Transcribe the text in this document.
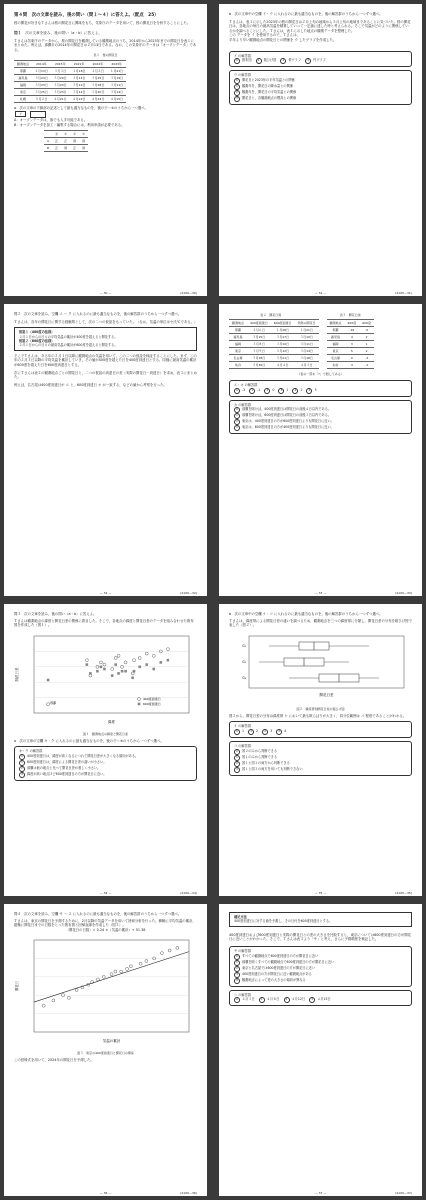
第４問　次の文章を読み，後の問い（問１～４）に答えよ。（配点　25）
桜の開花が好きなＴさんは桜の開花日に興味をもち，気象庁のデータを用いて，桜の開花日を分析することにした。
問１ 次の文章を読み，後の問い（a・b）に答えよ。
Ｔさんは気象庁のデータから，桜の開花日を観測している観測地点のうち，2014年から2023年までの開花日を表１にまとめた。例えば，那覇市の2014年の開花日は２月13日である。なお，この気象庁のデータは「オープンデータ」である。
表１　桜の開花日
観測地点	2014年	2015年	2021年	2022年	2023年
那覇	２月13日	３月３日	１月18日	２月２日	１月21日
鹿児島	３月24日	３月20日	３月14日	３月25日	３月19日
福岡	３月23日	３月23日	３月12日	３月18日	３月11日
東京	３月25日	３月23日	３月14日	３月20日	３月14日
札幌	５月２日	４月21日	４月22日	４月24日	４月15日
a　次の文章の下線部の記述として最も適当なものを，後の⓪～③のうちから一つ選べ。
ア
A：オープンデータは，誰でも入手可能である。
B：オープンデータを加工・編集する場合には，利用申請が必要である。
	⓪	①	②	③
A	正	正	誤	誤
B	正	誤	正	誤
— 30 —	(2100—30)
b　次の文章中の空欄 イ・ウ に入れるのに最も適当なものを，後の解答群のうちから一つずつ選べ。
Ｔさんは，表１に示した2023年の桜の開花日は２月上旬の地域から５月上旬の地域まであることに気づいた。桜の開花日は，各地点の毎日の最高気温を積算していって一定値に達した時と考えられる。そこで気温がどのように関係しているかを調べることにした。Ｔさんは，表１に示した地点の観測データを整理した。
この データを イ を使用するので，Ｔさんは，
平年より早い観測地点の開花日との関係を ウ したグラフを作成した。
イ の解答群
0 散布図	1 箱ひげ図	2 帯グラフ	3 円グラフ
ウ の解答群
0 開花日と2023年の平年気温との関係
1 観測年を，開花日の降水量との関係
2 観測年を，開花日の平均気温との関係
3 開花日と，各観測地点の標高との関係
— 31 —	(2100—31)
問２　次の文章を読み，空欄 エ ～ ク に入れるのに最も適当なものを，後の解答群のうちから一つずつ選べ。
Ｔさんは，各年の開花日に関する経験則として，次の二つの仮説をもっていた。（なお，気温の単位はセ氏℃である。）
仮説１（400度の法則）
２月１日からの日々の平均気温の累計が400度を超えると開花する。
仮説２（600度の法則）
２月１日からの日々の最高気温の累計が600度を超えると開花する。
そこでＴさんは，ある年の２月１日以降に観測地点の気温を用いて，この二つの仮説を検証することにした。まず，この年の２月１日以降の平均気温を累計していき，その値が400度を超えた日を400度到達日とする。同様に最高気温の累計が600度を超えた日を600度到達日とする。
次にＴさんは表２の観測地点ごとの開花日と，二つの仮説の到達日の差（実際の開花日－到達日）を求め，表３にまとめた。
例えば，名古屋は400度到達日が エ と，600度到達日 オ が一致する，などの値から考察を行った。
— 32 —	(2100—32)
表２　開花日等
観測地点	400度到達日	600度到達日	実際の開花日
那覇	２月６日	１月26日	１月21日
鹿児島	３月15日	３月17日	３月19日
福岡	３月８日	３月10日	３月11日
東京	３月９日	３月12日	３月14日
名古屋	３月18日	３月21日	３月18日
仙台	３月30日	４月４日	４月３日
表３　開花日差
観測地点	400度	600度
那覇	-16	-5
鹿児島	4	2
福岡	3	1
東京	5	2
名古屋	0	-3
仙台	4	-1
（表の一部を「?」で隠してある）
エ・オ の解答群
0 -3	1 -1	2 0	3 1	4 2	5 3
カ の解答群
0 那覇を除けば，400度到達日は開花日の前後４日以内である。
1 那覇を除けば，600度到達日は開花日の前後３日以内である。
2 東京は，400度到達日の方が600度到達日よりも開花日に近い。
3 東京は，600度到達日の方が400度到達日よりも開花日に近い。
— 33 —	(2100—33)
問３　次の文章を読み，後の問い（a・b）に答えよ。
Ｔさんは観測地点の緯度と開花日差の関係に着目した。そこで，各地点の緯度と開花日差のデータを組み合わせた散布図を作成した（図１）。
緯度
開花日差
400度到達日
600度到達日
那覇
図１　観測地点の緯度と開花日差
a　次の文章の空欄 キ・ク に入れるのに最も適当なものを，後の⓪～⑤のうちから一つずつ選べ。
キ・ク の解答群
0 400度到達日は，緯度が高くなるにつれて開花日差が大きくなる傾向がある。
1 600度到達日は，緯度による開花日差の違いが小さい。
2 那覇は他の地点と比べて開花日差が著しく小さい。
3 緯度が高い地点ほど600度到達日の方が開花日に近い。
— 34 —	(2100—34)
b　次の文章中の空欄 ケ・コ に入れるのに最も適当なものを，後の解答群のうちから一つずつ選べ。
Ｔさんは，緯度帯による開花日差の違いを調べるため，観測地点を三つの緯度帯に分類し，開花日差の分布を箱ひげ図で表した（図２）。
G₁
G₂
G₃
開花日差
図２　緯度帯別開花日差の箱ひげ図
図２から，開花日差の分布は緯度帯 ケ において最も散らばりが大きく，四分位範囲は コ 程度であることがわかる。
ケ の解答群
0 1	1 2	2 3	3 4
コ の解答群
0 図２のみから判断できる
1 図１のみから判断できる
2 図１と図２の両方から判断できる
3 図１と図２の両方を用いても判断できない
— 35 —	(2100—35)
問４　次の文章を読み，空欄 サ ～ ス に入れるのに最も適当なものを，後の解答群のうちから一つずつ選べ。
Ｔさんは，東京の開花日を予測するために，2月以降の気温データを用いて回帰分析を行った。横軸に平均気温の累計，縦軸に開花日までの日数をとった散布図と回帰直線を作成した（図３）。
（開花日の日数）= 0.24 ×（気温の累計）+ 51.38
気温の累計
開花日
図３　東京の400度到達日と開花日の関係
この回帰式を用いて，2024年の開花日を予測した。
— 36 —	(2100—36)
補足方法
400度到達日に対する値を予測し，その日付を600度到達日とする。
400度到達日および600度到達日と実際の開花日との差の大きさを比較すると，東京については600度到達日の方が開花日に近いことがわかった。そこで，Ｔさんは表３より「サ」と考え，さらに予測精度を検証した。
サ の解答群
0 すべての観測地点で600度到達日の方が開花日に近い
1 那覇を除くすべての観測地点で600度到達日の方が開花日に近い
2 東京と名古屋では600度到達日の方が開花日に近い
3 400度到達日の方が開花日に近い観測地点がある
4 観測地点によって差の大きさの傾向が異なる
シ の解答群
0 ４月３日	1 ４月８日	2 ４月12日	3 ４月15日
— 37 —	(2100—37)
